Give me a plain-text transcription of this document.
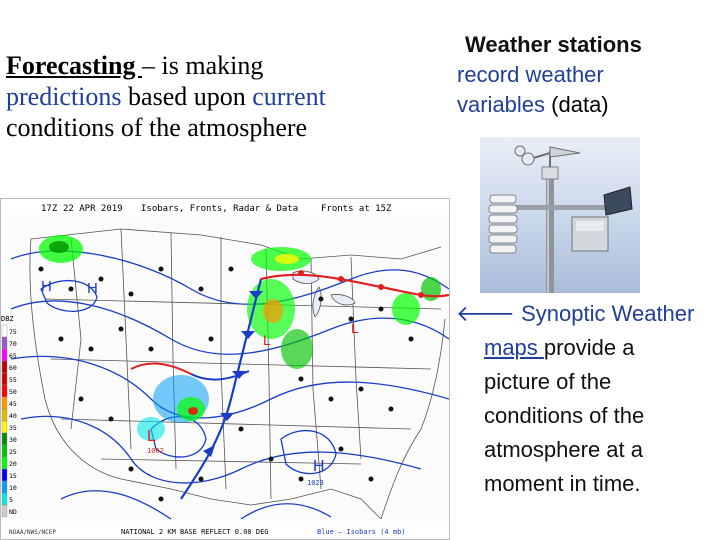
Forecasting – is making
predictions based upon current
conditions of the atmosphere
Weather stations
record weather
variables (data)
🡐 Synoptic Weather
maps provide a
picture of the
conditions of the
atmosphere at a
moment in time.
17Z 22 APR 2019 Isobars, Fronts, Radar & Data	Fronts at 15Z
H
1023
H H
L
1002
L
L
DBZ
75
70
65
60
55
50
45
40
35
30
25
20
15
10
5
ND
NOAA/NWS/NCEP	NATIONAL 2 KM BASE REFLECT 0.00 DEG	Blue – Isobars (4 mb)
